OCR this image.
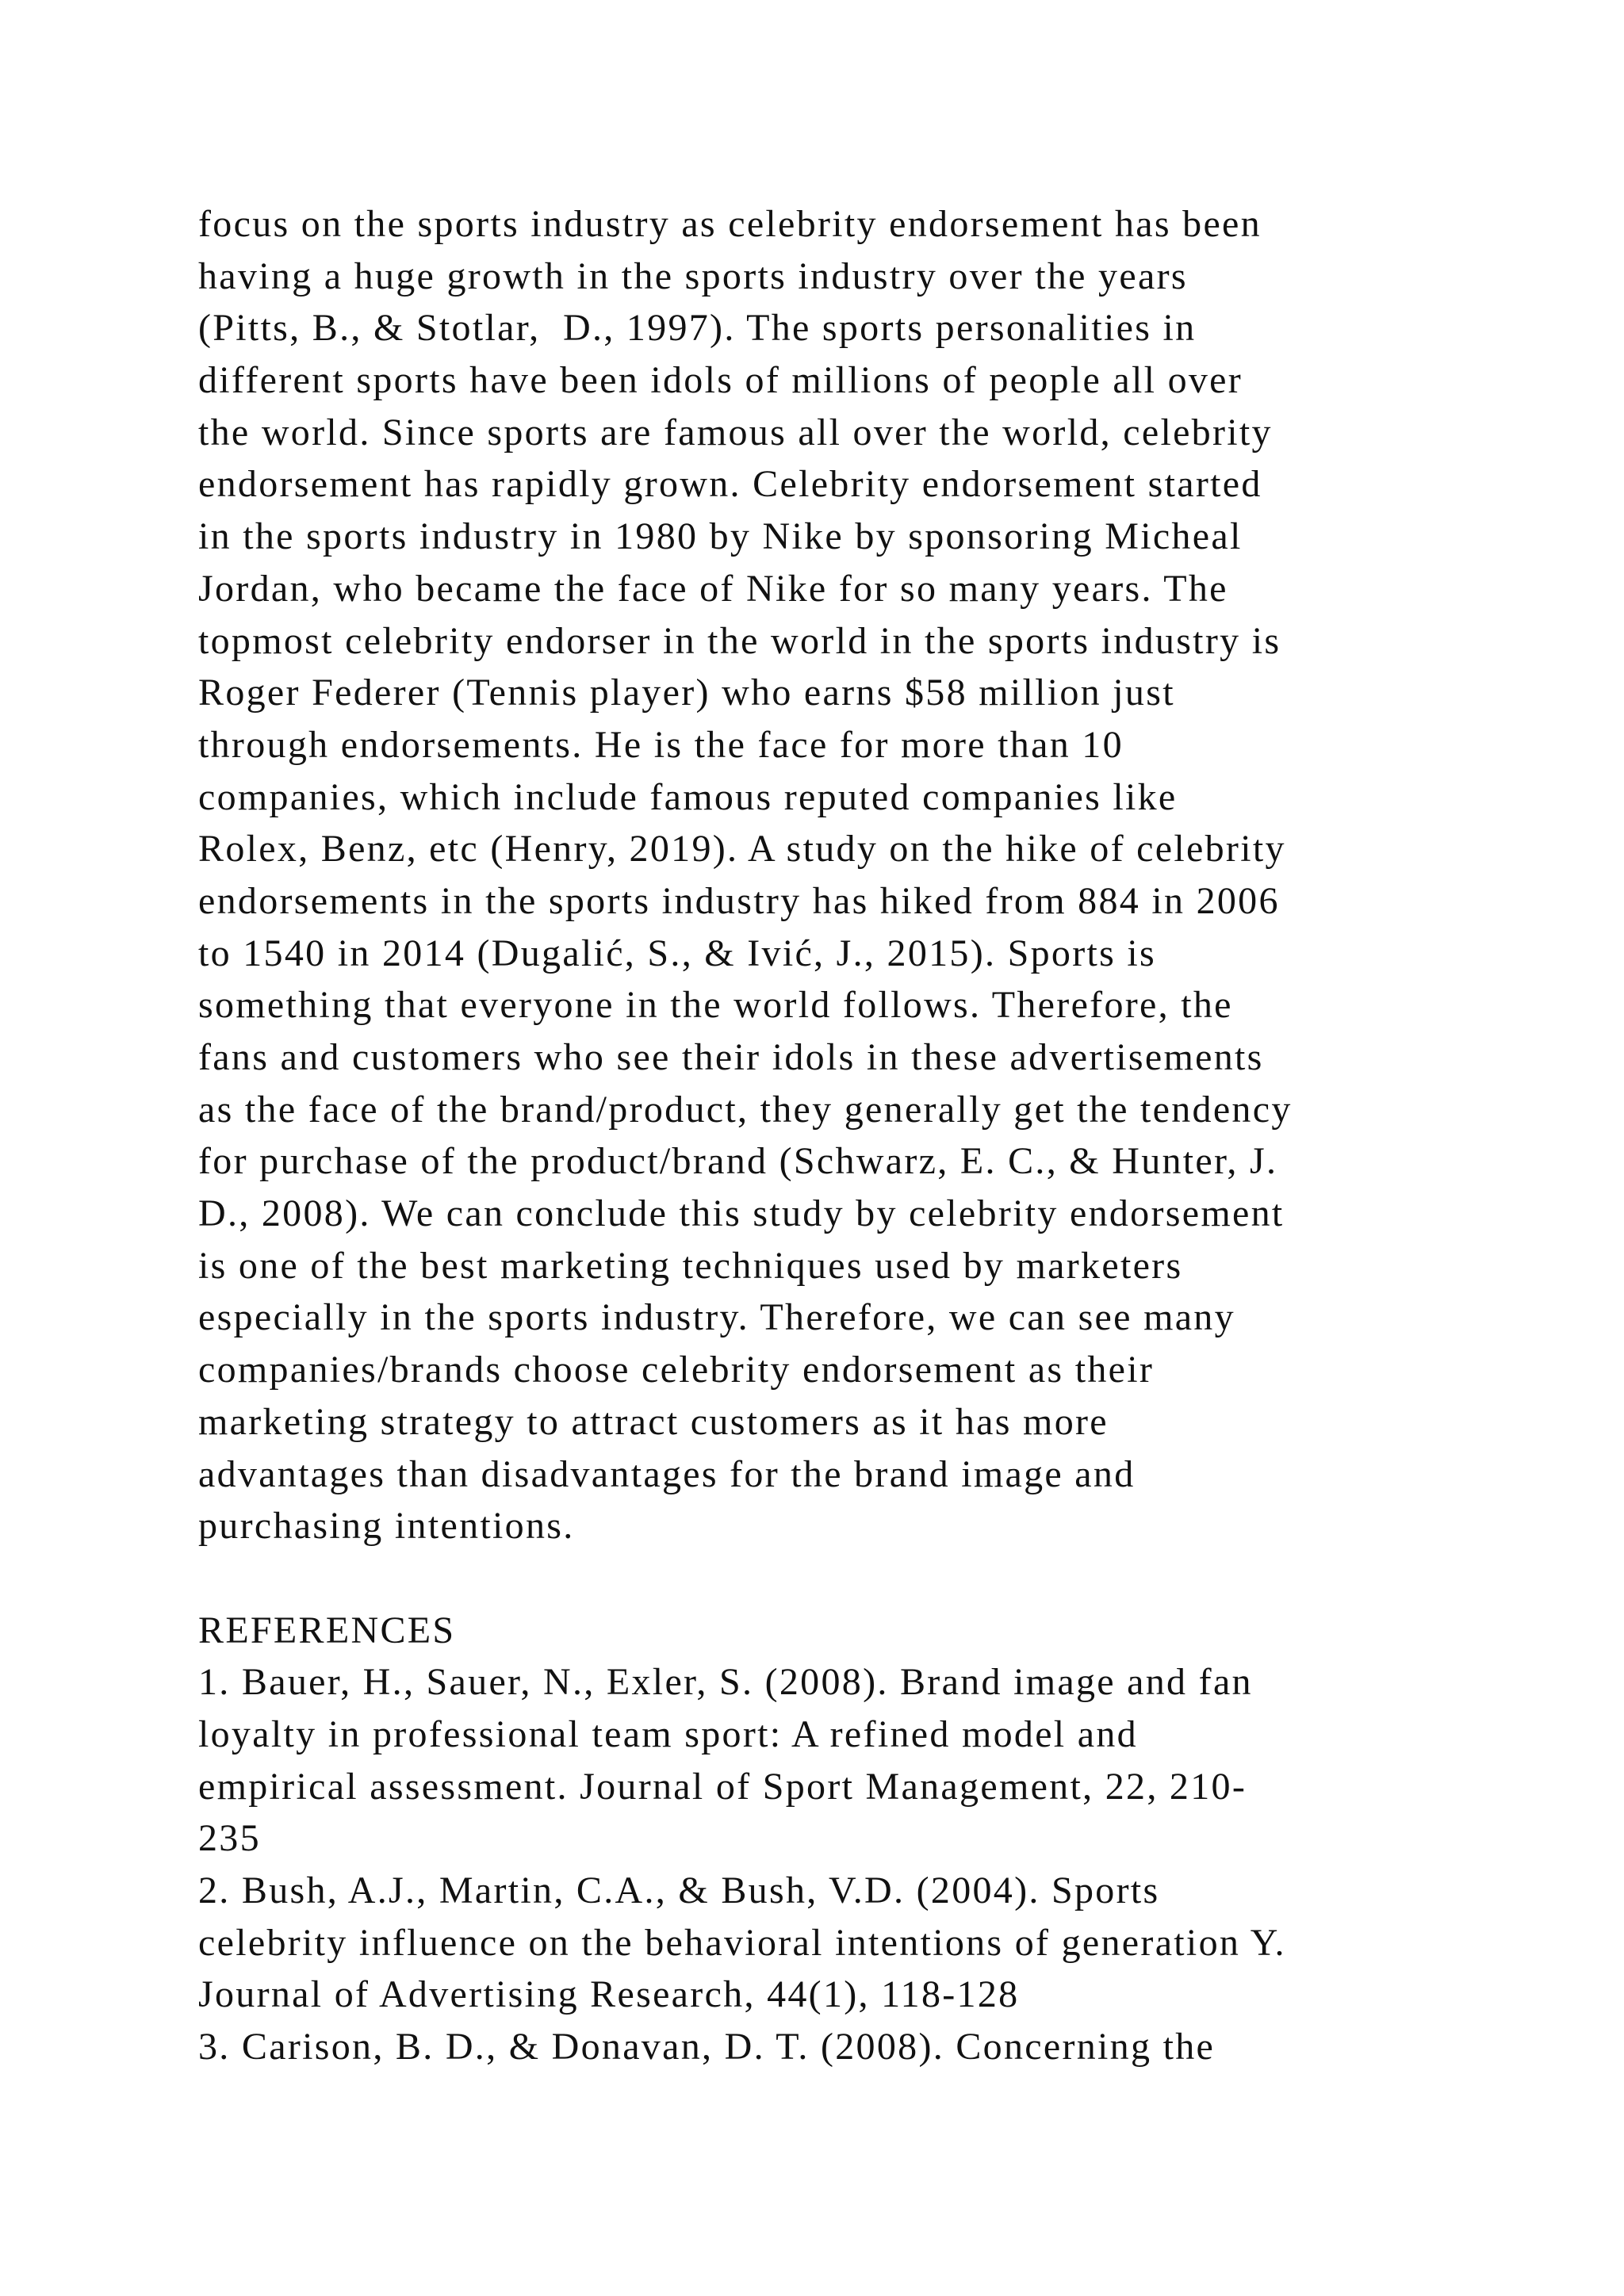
focus on the sports industry as celebrity endorsement has been
having a huge growth in the sports industry over the years
(Pitts, B., & Stotlar,  D., 1997). The sports personalities in
different sports have been idols of millions of people all over
the world. Since sports are famous all over the world, celebrity
endorsement has rapidly grown. Celebrity endorsement started
in the sports industry in 1980 by Nike by sponsoring Micheal
Jordan, who became the face of Nike for so many years. The
topmost celebrity endorser in the world in the sports industry is
Roger Federer (Tennis player) who earns $58 million just
through endorsements. He is the face for more than 10
companies, which include famous reputed companies like
Rolex, Benz, etc (Henry, 2019). A study on the hike of celebrity
endorsements in the sports industry has hiked from 884 in 2006
to 1540 in 2014 (Dugalić, S., & Ivić, J., 2015). Sports is
something that everyone in the world follows. Therefore, the
fans and customers who see their idols in these advertisements
as the face of the brand/product, they generally get the tendency
for purchase of the product/brand (Schwarz, E. C., & Hunter, J.
D., 2008). We can conclude this study by celebrity endorsement
is one of the best marketing techniques used by marketers
especially in the sports industry. Therefore, we can see many
companies/brands choose celebrity endorsement as their
marketing strategy to attract customers as it has more
advantages than disadvantages for the brand image and
purchasing intentions.
REFERENCES
1. Bauer, H., Sauer, N., Exler, S. (2008). Brand image and fan
loyalty in professional team sport: A refined model and
empirical assessment. Journal of Sport Management, 22, 210-
235
2. Bush, A.J., Martin, C.A., & Bush, V.D. (2004). Sports
celebrity influence on the behavioral intentions of generation Y.
Journal of Advertising Research, 44(1), 118-128
3. Carison, B. D., & Donavan, D. T. (2008). Concerning the
